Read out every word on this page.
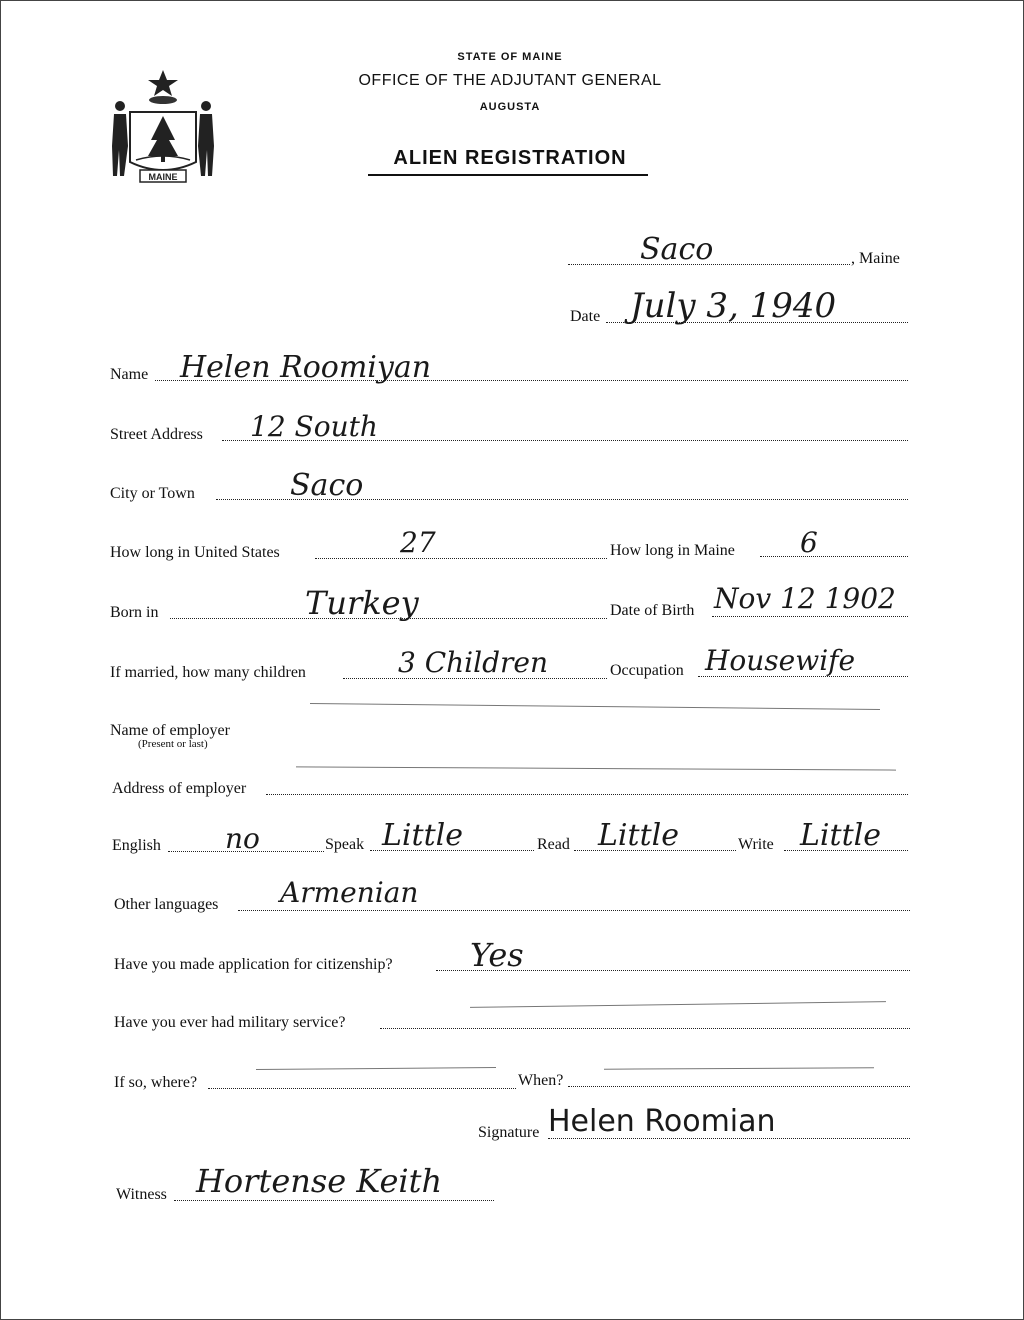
MAINE
STATE OF MAINE
OFFICE OF THE ADJUTANT GENERAL
AUGUSTA
ALIEN REGISTRATION
Saco	, Maine
Date July 3, 1940
Name Helen Roomiyan
Street Address 12 South
City or Town	Saco
How long in United States	27	How long in Maine 6
Born in	Turkey	Date of Birth Nov 12 1902
If married, how many children	3 Children	Occupation Housewife
Name of employer
(Present or last)
Address of employer
English no	Speak Little	Read Little	Write Little
Other languages Armenian
Have you made application for citizenship? Yes
Have you ever had military service?
If so, where?	When?
Signature Helen Roomian
Witness Hortense Keith
